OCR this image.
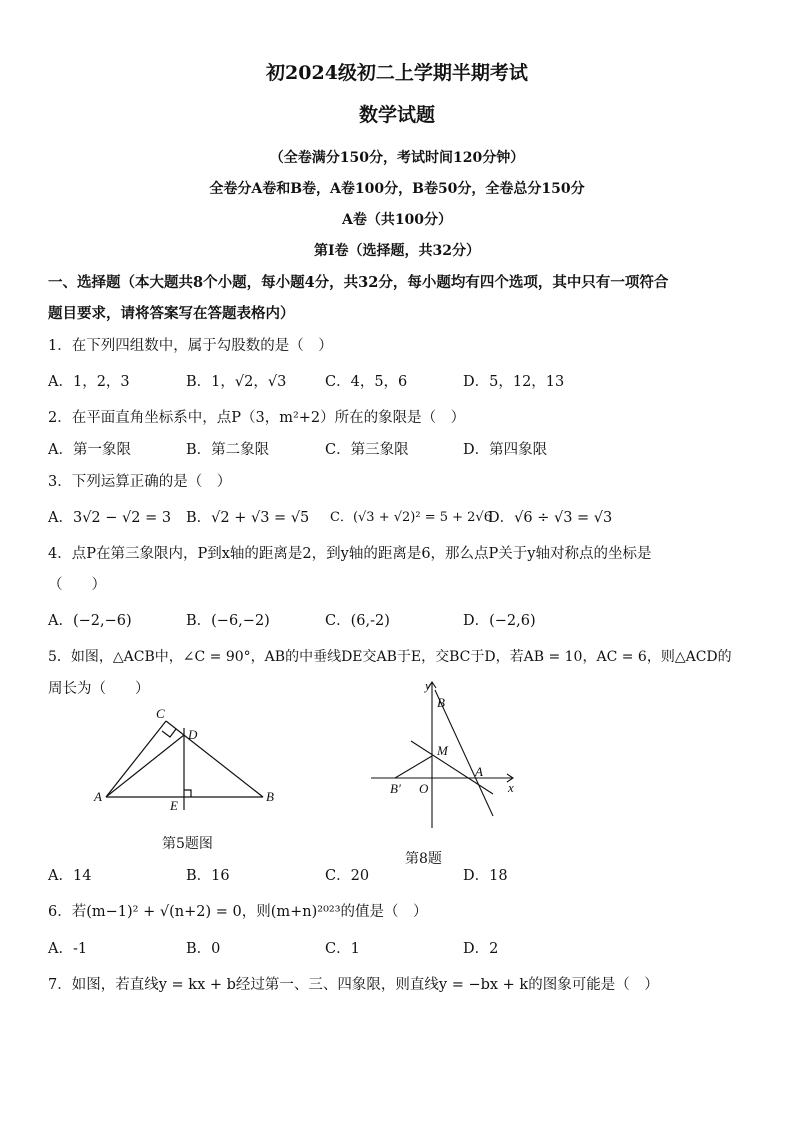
初2024级初二上学期半期考试
数学试题
（全卷满分150分，考试时间120分钟）
全卷分A卷和B卷，A卷100分，B卷50分，全卷总分150分
A卷（共100分）
第Ⅰ卷（选择题，共32分）
一、选择题（本大题共8个小题，每小题4分，共32分，每小题均有四个选项，其中只有一项符合
题目要求，请将答案写在答题表格内）
1．在下列四组数中，属于勾股数的是（　）
A．1，2，3	B．1，√2，√3	C．4，5，6	D．5，12，13
2．在平面直角坐标系中，点P（3，m²+2）所在的象限是（　）
A．第一象限	B．第二象限	C．第三象限	D．第四象限
3．下列运算正确的是（　）
A．3√2 − √2 = 3 B．√2 + √3 = √5 C．(√3 + √2)² = 5 + 2√6
D．√6 ÷ √3 = √3
4．点P在第三象限内，P到x轴的距离是2，到y轴的距离是6，那么点P关于y轴对称点的坐标是
（　　）
A．(−2,−6)	B．(−6,−2)	C．(6,-2)	D．(−2,6)
5．如图，△ACB中，∠C = 90°，AB的中垂线DE交AB于E，交BC于D，若AB = 10，AC = 6，则△ACD的
周长为（　　）
A	B
C
D
E
第5题图
y
x
B
M
A
B′ O
第8题
A．14	B．16	C．20	D．18
6．若(m−1)² + √(n+2) = 0，则(m+n)²⁰²³的值是（　）
A．-1	B．0	C．1	D．2
7．如图，若直线y = kx + b经过第一、三、四象限，则直线y = −bx + k的图象可能是（　）
